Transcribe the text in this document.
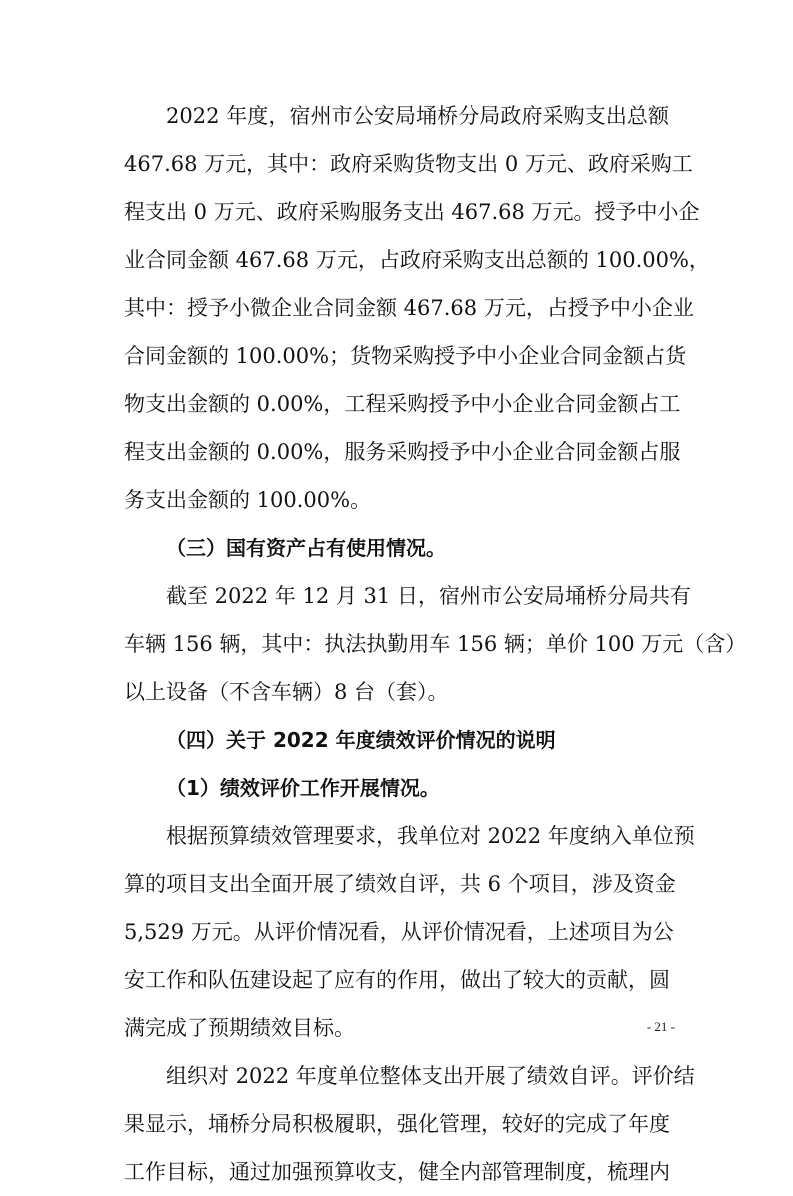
2022 年度，宿州市公安局埇桥分局政府采购支出总额
467.68 万元，其中：政府采购货物支出 0 万元、政府采购工
程支出 0 万元、政府采购服务支出 467.68 万元。授予中小企
业合同金额 467.68 万元，占政府采购支出总额的 100.00%，
其中：授予小微企业合同金额 467.68 万元，占授予中小企业
合同金额的 100.00%；货物采购授予中小企业合同金额占货
物支出金额的 0.00%，工程采购授予中小企业合同金额占工
程支出金额的 0.00%，服务采购授予中小企业合同金额占服
务支出金额的 100.00%。
（三）国有资产占有使用情况。
截至 2022 年 12 月 31 日，宿州市公安局埇桥分局共有
车辆 156 辆，其中：执法执勤用车 156 辆；单价 100 万元（含）
以上设备（不含车辆）8 台（套）。
（四）关于 2022 年度绩效评价情况的说明
（1）绩效评价工作开展情况。
根据预算绩效管理要求，我单位对 2022 年度纳入单位预
算的项目支出全面开展了绩效自评，共 6 个项目，涉及资金
5,529 万元。从评价情况看，从评价情况看，上述项目为公
安工作和队伍建设起了应有的作用，做出了较大的贡献，圆
满完成了预期绩效目标。
组织对 2022 年度单位整体支出开展了绩效自评。评价结
果显示，埇桥分局积极履职，强化管理，较好的完成了年度
工作目标，通过加强预算收支，健全内部管理制度，梳理内
- 21 -
